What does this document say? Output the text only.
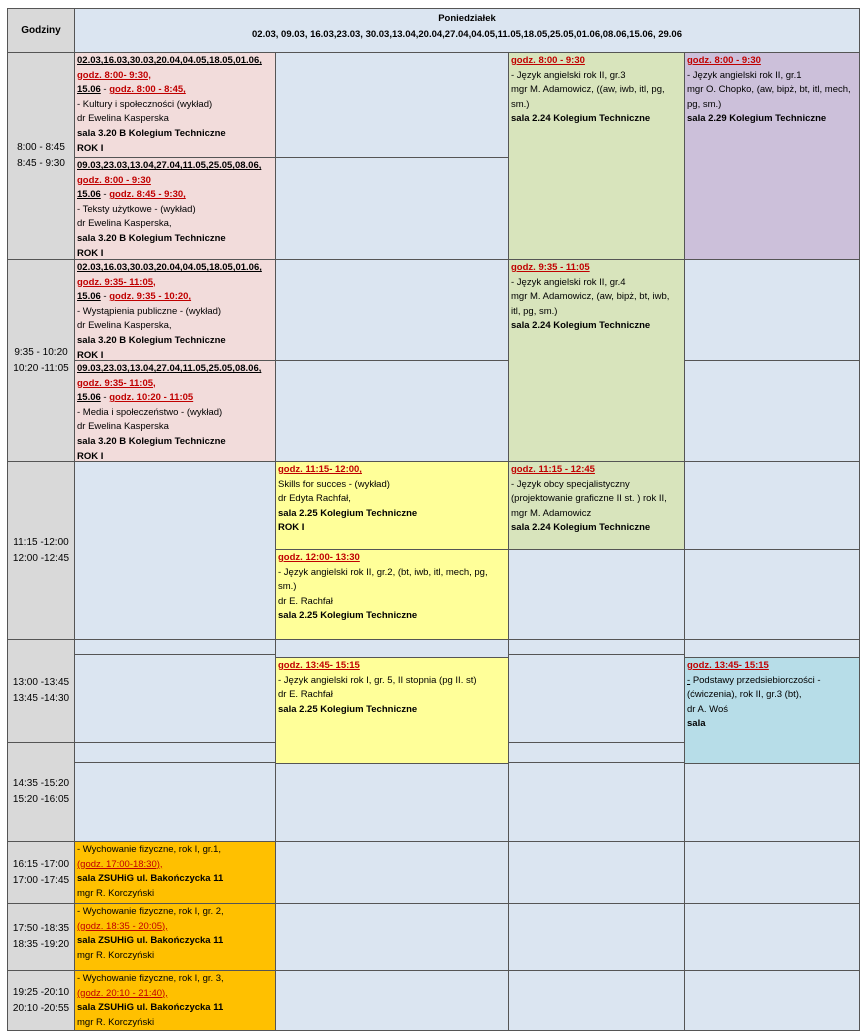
Godziny
Poniedziałek
02.03, 09.03, 16.03,23.03, 30.03,13.04,20.04,27.04,04.05,11.05,18.05,25.05,01.06,08.06,15.06, 29.06
8:00 - 8:45
8:45 - 9:30
9:35 - 10:20
10:20 -11:05
11:15 -12:00
12:00 -12:45
13:00 -13:45
13:45 -14:30
14:35 -15:20
15:20 -16:05
16:15 -17:00
17:00 -17:45
17:50 -18:35
18:35 -19:20
19:25 -20:10
20:10 -20:55
02.03,16.03,30.03,20.04,04.05,18.05,01.06,
godz. 8:00- 9:30,
15.06 - godz. 8:00 - 8:45,
- Kultury i społeczności (wykład)
dr Ewelina Kasperska
sala 3.20 B Kolegium Techniczne
ROK I
09.03,23.03,13.04,27.04,11.05,25.05,08.06,
godz. 8:00 - 9:30
15.06 - godz. 8:45 - 9:30,
- Teksty użytkowe - (wykład)
dr Ewelina Kasperska,
sala 3.20 B Kolegium Techniczne
ROK I
02.03,16.03,30.03,20.04,04.05,18.05,01.06,
godz. 9:35- 11:05,
15.06 - godz. 9:35 - 10:20,
- Wystąpienia publiczne - (wykład)
dr Ewelina Kasperska,
sala 3.20 B Kolegium Techniczne
ROK I
09.03,23.03,13.04,27.04,11.05,25.05,08.06,
godz. 9:35- 11:05,
15.06 - godz. 10:20 - 11:05
- Media i społeczeństwo - (wykład)
dr Ewelina Kasperska
sala 3.20 B Kolegium Techniczne
ROK I
godz. 8:00 - 9:30
- Język angielski rok II, gr.3
mgr M. Adamowicz, ((aw, iwb, itl, pg,
sm.)
sala 2.24 Kolegium Techniczne
godz. 9:35 - 11:05
- Język angielski rok II, gr.4
mgr M. Adamowicz, (aw, bipż, bt, iwb,
itl, pg, sm.)
sala 2.24 Kolegium Techniczne
godz. 11:15 - 12:45
- Język obcy specjalistyczny
(projektowanie graficzne II st. ) rok II,
mgr M. Adamowicz
sala 2.24 Kolegium Techniczne
godz. 8:00 - 9:30
- Język angielski rok II, gr.1
mgr O. Chopko, (aw, bipż, bt, itl, mech,
pg, sm.)
sala 2.29 Kolegium Techniczne
godz. 11:15- 12:00,
Skills for succes - (wykład)
dr Edyta Rachfał,
sala 2.25 Kolegium Techniczne
ROK I
godz. 12:00- 13:30
- Język angielski rok II, gr.2, (bt, iwb, itl, mech, pg,
sm.)
dr E. Rachfał
sala 2.25 Kolegium Techniczne
godz. 13:45- 15:15
- Język angielski rok I, gr. 5, II stopnia (pg II. st)
dr E. Rachfał
sala 2.25 Kolegium Techniczne
godz. 13:45- 15:15
- Podstawy przedsiebiorczości -
(ćwiczenia), rok II, gr.3 (bt),
dr A. Woś
sala
- Wychowanie fizyczne, rok I, gr.1,
(godz. 17:00-18:30),
sala ZSUHiG ul. Bakończycka 11
mgr R. Korczyński
- Wychowanie fizyczne, rok I, gr. 2,
(godz. 18:35 - 20:05),
sala ZSUHiG ul. Bakończycka 11
mgr R. Korczyński
- Wychowanie fizyczne, rok I, gr. 3,
(godz. 20:10 - 21:40),
sala ZSUHiG ul. Bakończycka 11
mgr R. Korczyński
